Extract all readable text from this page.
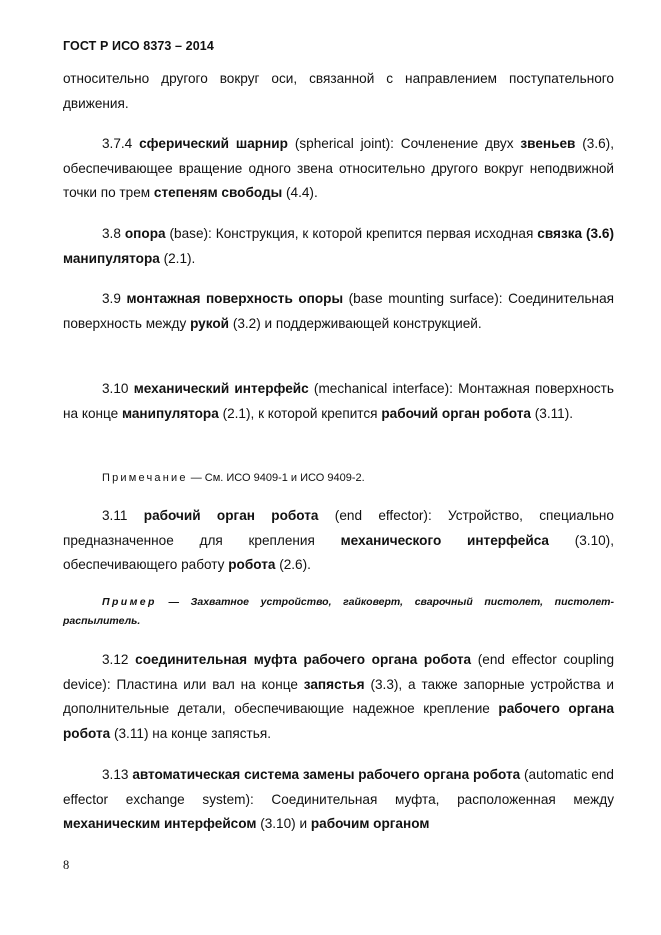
ГОСТ Р ИСО 8373 – 2014

относительно другого вокруг оси, связанной с направлением поступательного движения.

3.7.4 сферический шарнир (spherical joint): Сочленение двух звеньев (3.6), обеспечивающее вращение одного звена относительно другого вокруг неподвижной точки по трем степеням свободы (4.4).

3.8 опора (base): Конструкция, к которой крепится первая исходная связка (3.6) манипулятора (2.1).

3.9 монтажная поверхность опоры (base mounting surface): Соединительная поверхность между рукой (3.2) и поддерживающей конструкцией.

3.10 механический интерфейс (mechanical interface): Монтажная поверхность на конце манипулятора (2.1), к которой крепится рабочий орган робота (3.11).

Примечание — См. ИСО 9409-1 и ИСО 9409-2.

3.11 рабочий орган робота (end effector): Устройство, специально предназначенное для крепления механического интерфейса (3.10), обеспечивающего работу робота (2.6).

Пример — Захватное устройство, гайковерт, сварочный пистолет, пистолет-распылитель.

3.12 соединительная муфта рабочего органа робота (end effector coupling device): Пластина или вал на конце запястья (3.3), а также запорные устройства и дополнительные детали, обеспечивающие надежное крепление рабочего органа робота (3.11) на конце запястья.

3.13 автоматическая система замены рабочего органа робота (automatic end effector exchange system): Соединительная муфта, расположенная между механическим интерфейсом (3.10) и рабочим органом

8
